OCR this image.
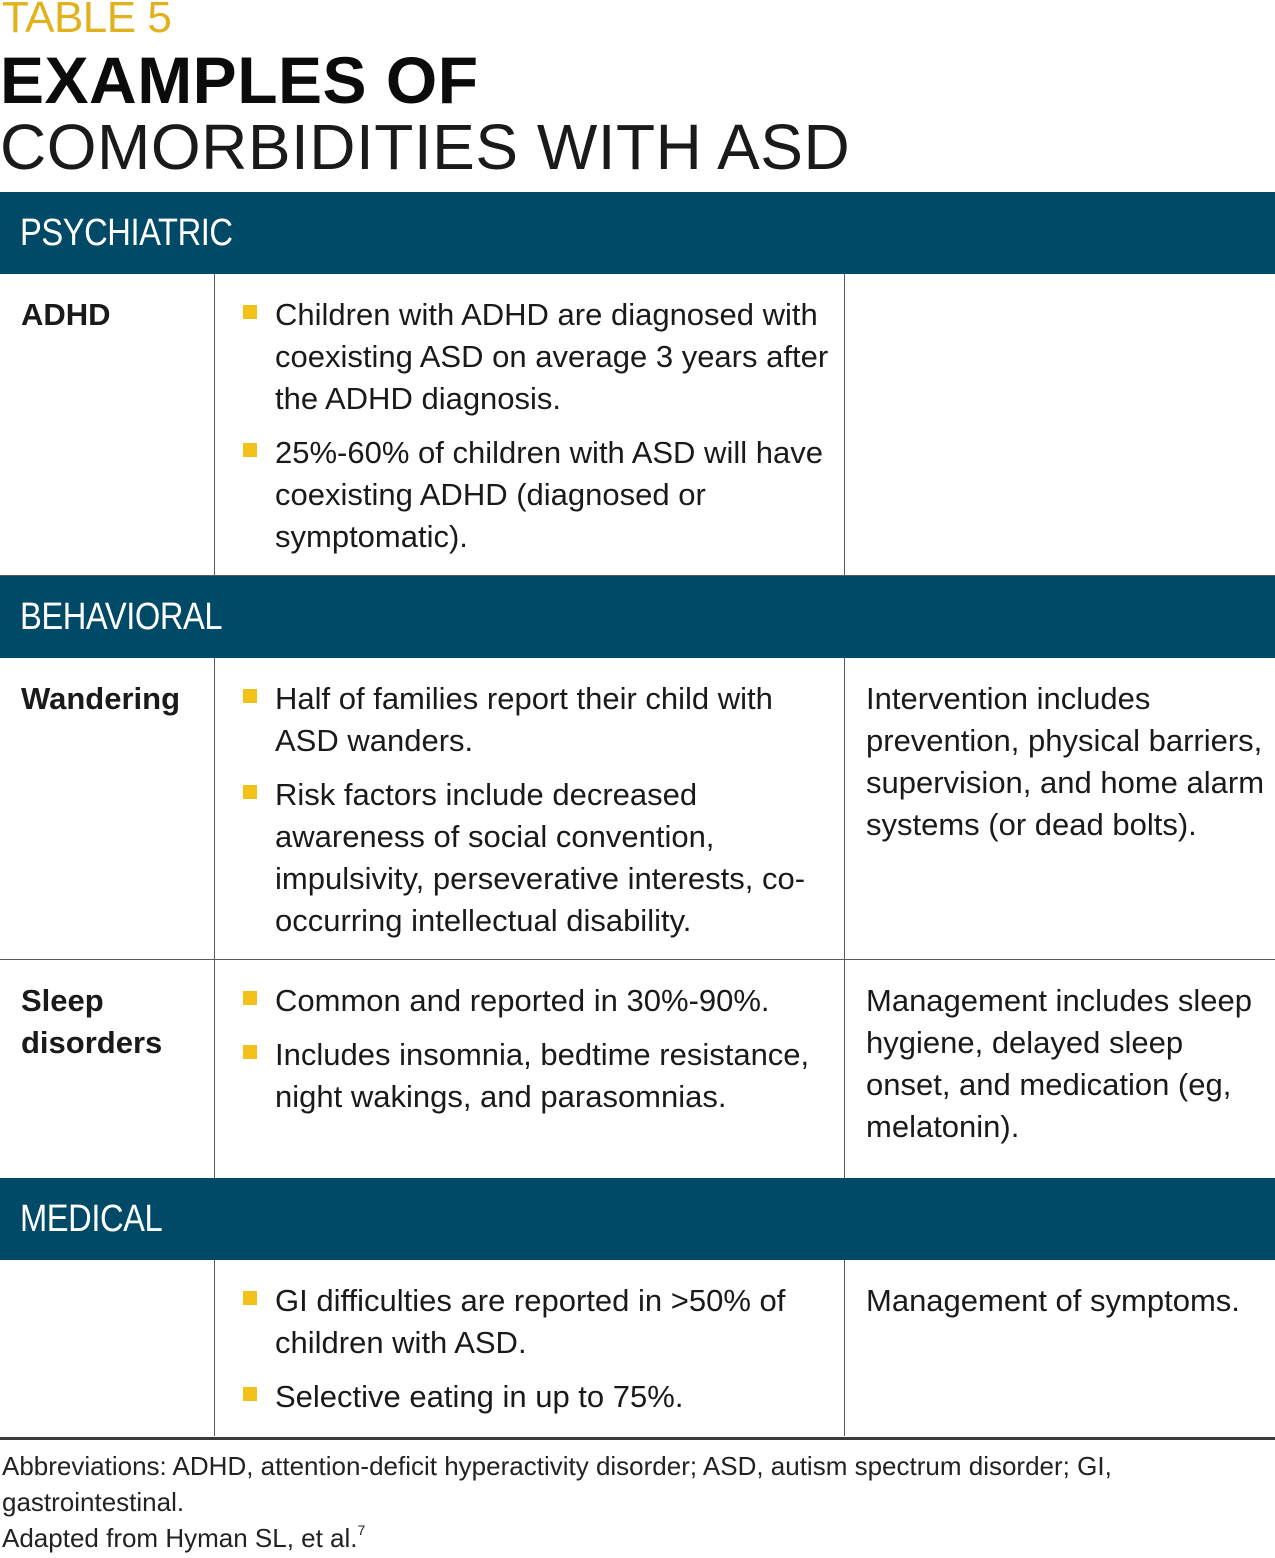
TABLE 5
EXAMPLES OF
COMORBIDITIES WITH ASD
PSYCHIATRIC
ADHD	Children with ADHD are diagnosed with coexisting ASD on average 3 years after the ADHD diagnosis.
25%-60% of children with ASD will have coexisting ADHD (diagnosed or symptomatic).
BEHAVIORAL
Wandering	Half of families report their child with ASD wanders.
Risk factors include decreased awareness of social convention, impulsivity, perseverative interests, co-occurring intellectual disability.
Intervention includes prevention, physical barriers, supervision, and home alarm systems (or dead bolts).
Sleep disorders
Common and reported in 30%-90%.
Includes insomnia, bedtime resistance, night wakings, and parasomnias.
Management includes sleep hygiene, delayed sleep onset, and medication (eg, melatonin).
MEDICAL
GI difficulties are reported in >50% of children with ASD.
Selective eating in up to 75%.
Management of symptoms.
Abbreviations: ADHD, attention-deficit hyperactivity disorder; ASD, autism spectrum disorder; GI, gastrointestinal.
Adapted from Hyman SL, et al.$^7$
